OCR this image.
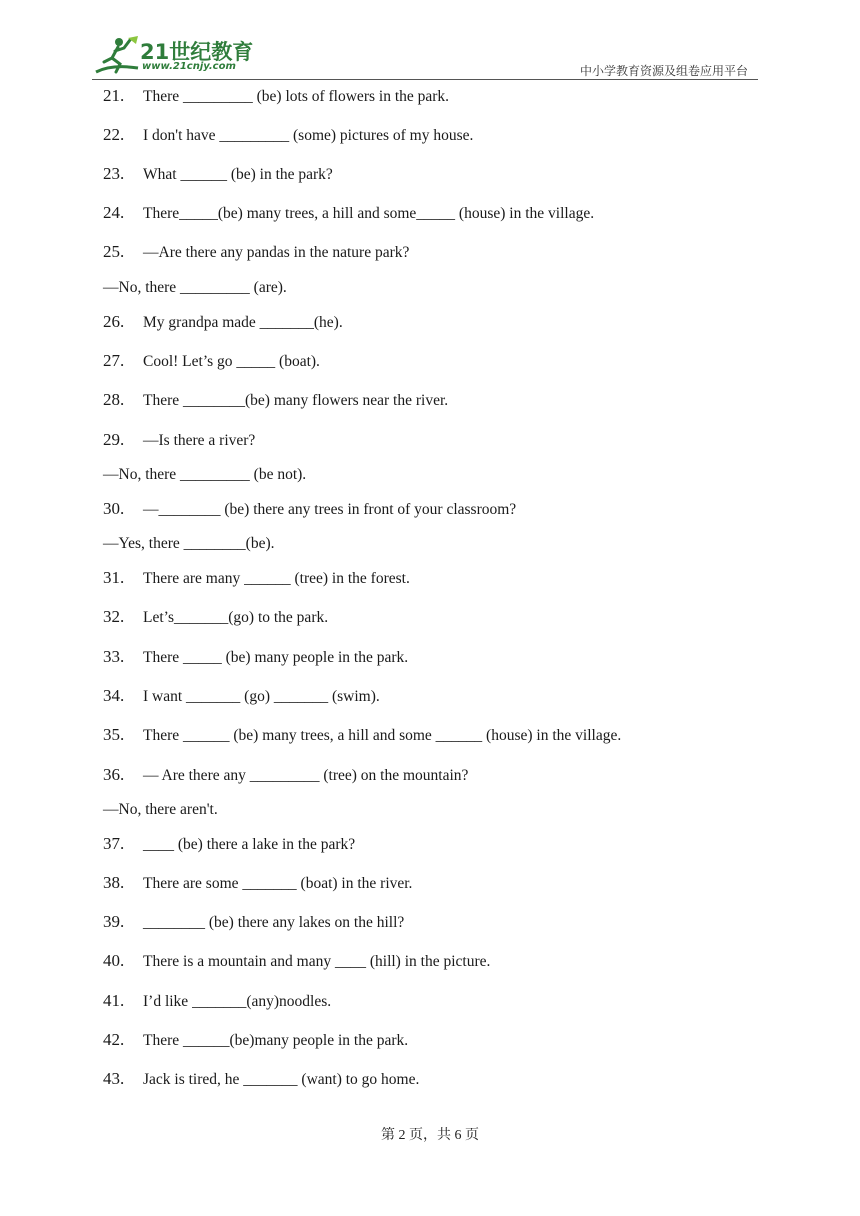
21世纪教育
www.21cnjy.com	中小学教育资源及组卷应用平台
21. There _________ (be) lots of flowers in the park.
22. I don't have _________ (some) pictures of my house.
23. What ______ (be) in the park?
24. There_____(be) many trees, a hill and some_____ (house) in the village.
25. —Are there any pandas in the nature park?
—No, there _________ (are).
26. My grandpa made _______(he).
27. Cool! Let’s go _____ (boat).
28. There ________(be) many flowers near the river.
29. —Is there a river?
—No, there _________ (be not).
30. —________ (be) there any trees in front of your classroom?
—Yes, there ________(be).
31. There are many ______ (tree) in the forest.
32. Let’s_______(go) to the park.
33. There _____ (be) many people in the park.
34. I want _______ (go) _______ (swim).
35. There ______ (be) many trees, a hill and some ______ (house) in the village.
36. — Are there any _________ (tree) on the mountain?
—No, there aren't.
37. ____ (be) there a lake in the park?
38. There are some _______ (boat) in the river.
39. ________ (be) there any lakes on the hill?
40. There is a mountain and many ____ (hill) in the picture.
41. I’d like _______(any)noodles.
42. There ______(be)many people in the park.
43. Jack is tired, he _______ (want) to go home.
第 2 页，共 6 页
